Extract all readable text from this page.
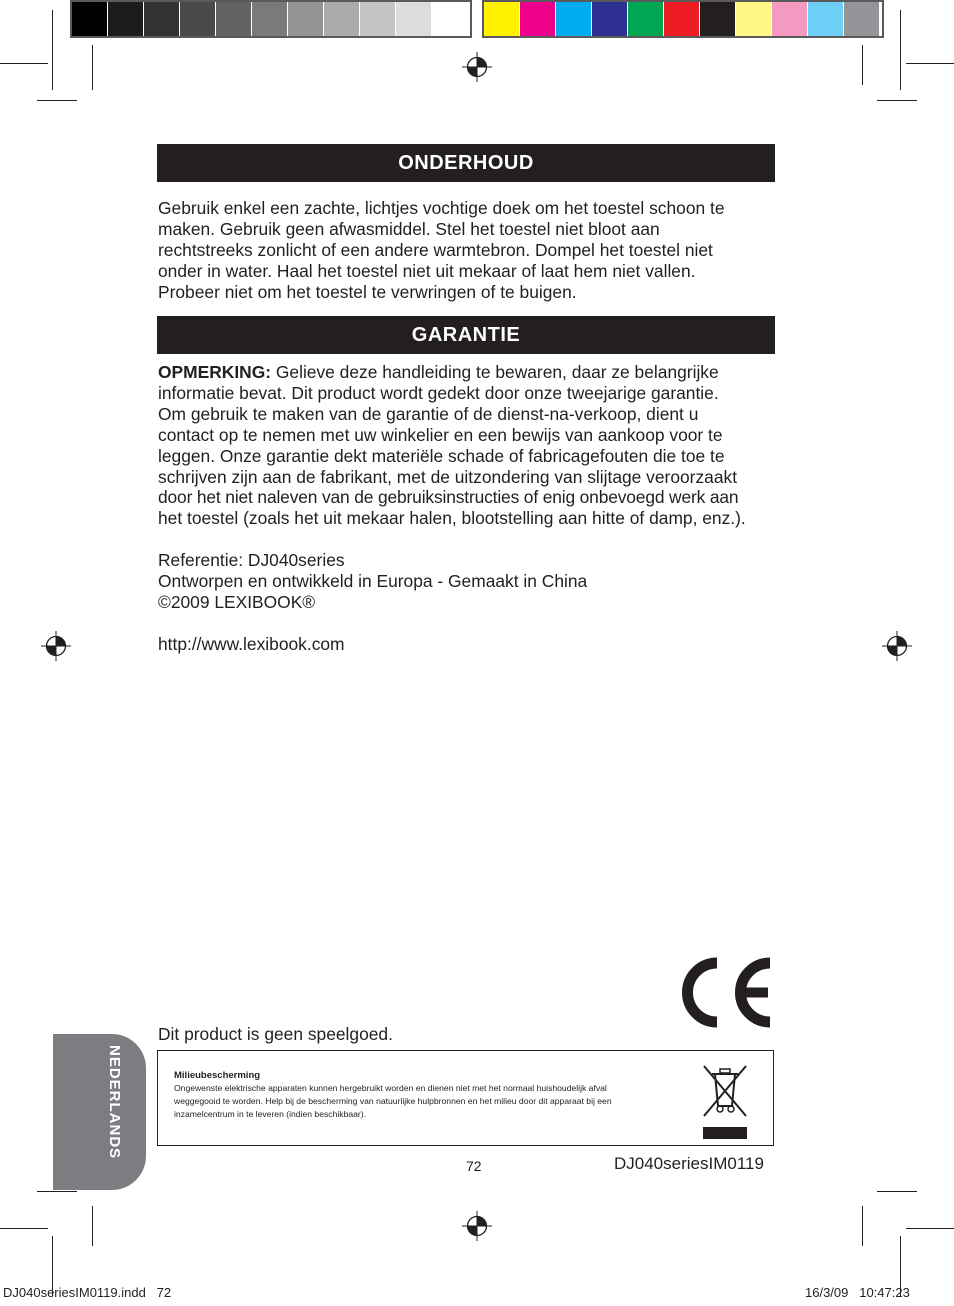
ONDERHOUD
Gebruik enkel een zachte, lichtjes vochtige doek om het toestel schoon te
maken. Gebruik geen afwasmiddel. Stel het toestel niet bloot aan
rechtstreeks zonlicht of een andere warmtebron. Dompel het toestel niet
onder in water. Haal het toestel niet uit mekaar of laat hem niet vallen.
Probeer niet om het toestel te verwringen of te buigen.
GARANTIE
OPMERKING: Gelieve deze handleiding te bewaren, daar ze belangrijke
informatie bevat. Dit product wordt gedekt door onze tweejarige garantie.
Om gebruik te maken van de garantie of de dienst-na-verkoop, dient u
contact op te nemen met uw winkelier en een bewijs van aankoop voor te
leggen. Onze garantie dekt materiële schade of fabricagefouten die toe te
schrijven zijn aan de fabrikant, met de uitzondering van slijtage veroorzaakt
door het niet naleven van de gebruiksinstructies of enig onbevoegd werk aan
het toestel (zoals het uit mekaar halen, blootstelling aan hitte of damp, enz.).
Referentie: DJ040series
Ontworpen en ontwikkeld in Europa - Gemaakt in China
©2009 LEXIBOOK®
http://www.lexibook.com
Dit product is geen speelgoed.
Milieubescherming
Ongewenste elektrische apparaten kunnen hergebruikt worden en dienen niet met het normaal huishoudelijk afval
weggegooid te worden. Help bij de bescherming van natuurlijke hulpbronnen en het milieu door dit apparaat bij een
inzamelcentrum in te leveren (indien beschikbaar).
NEDERLANDS
72	DJ040seriesIM0119
DJ040seriesIM0119.indd   72	16/3/09   10:47:23
